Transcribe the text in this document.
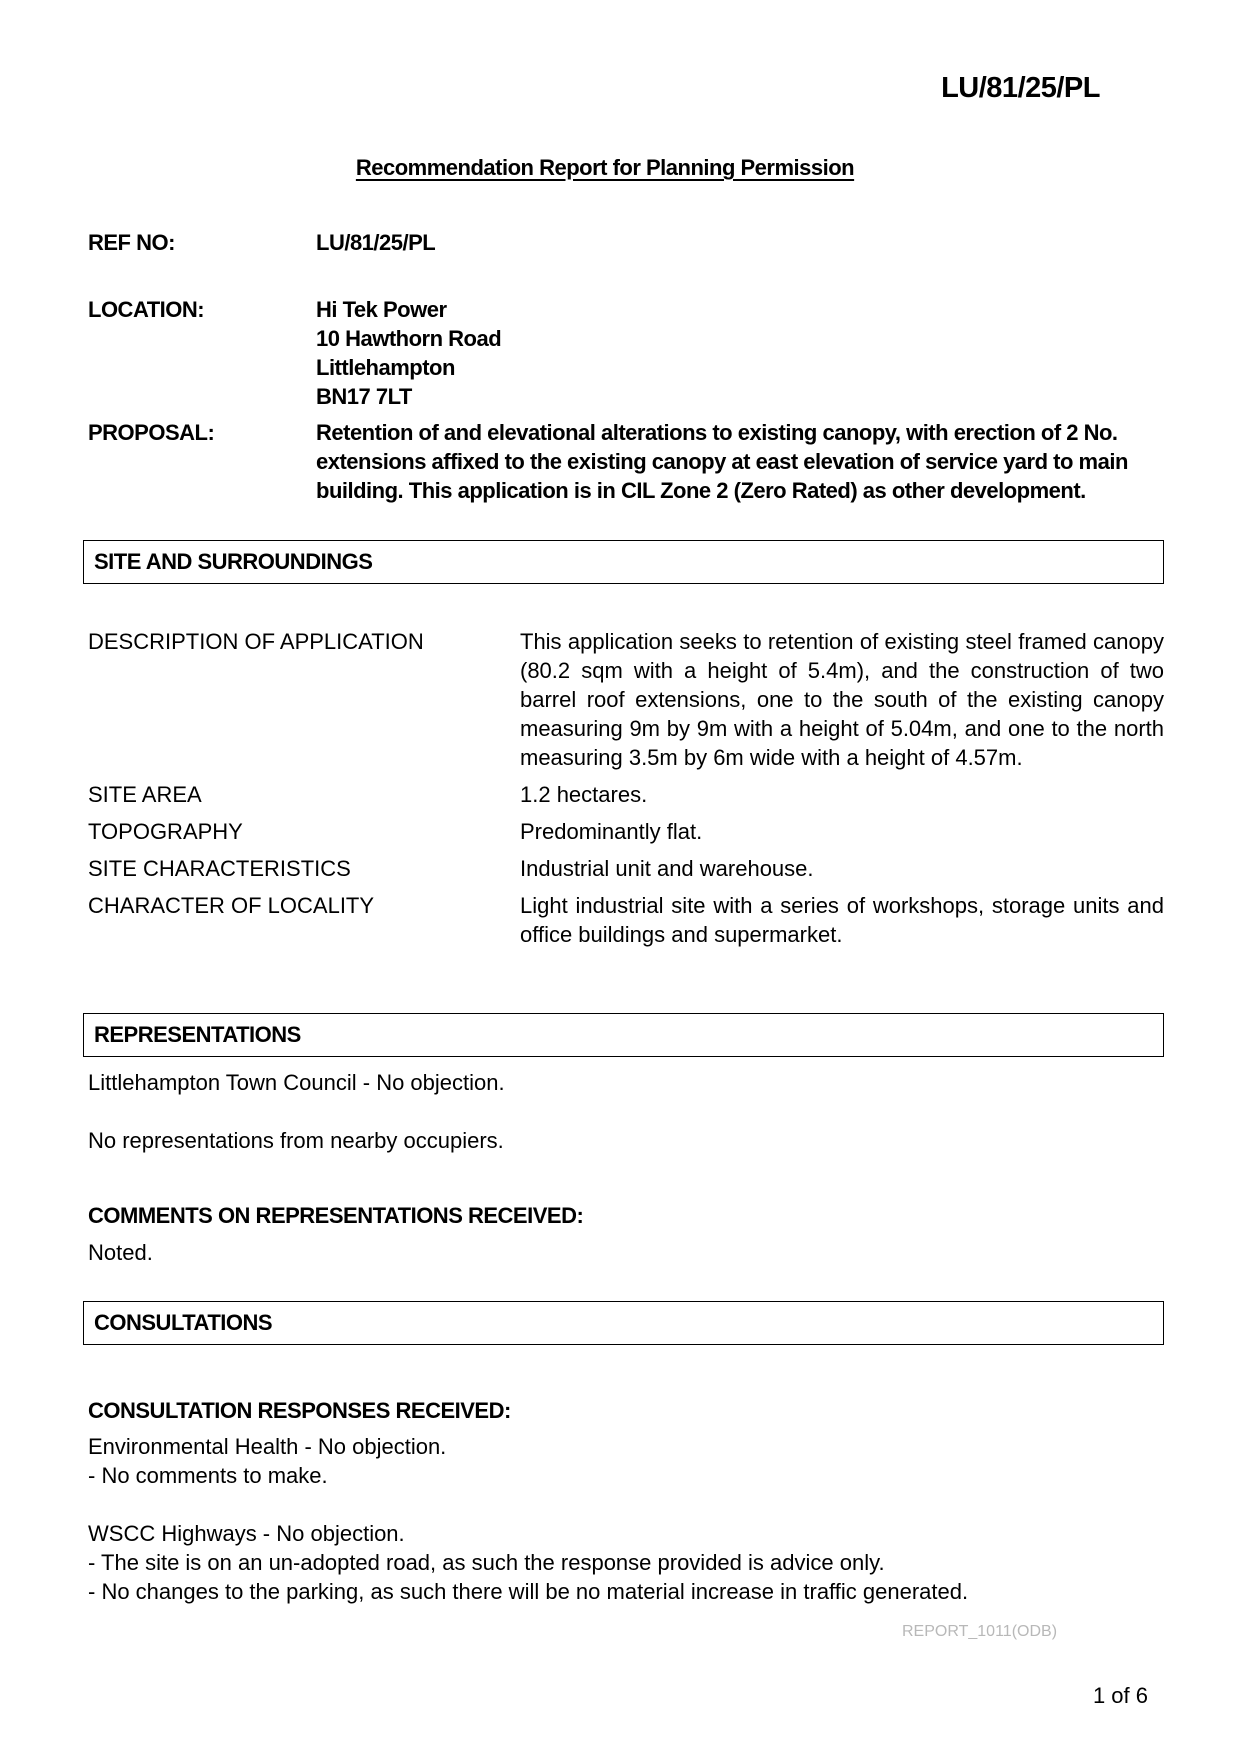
LU/81/25/PL
Recommendation Report for Planning Permission
REF NO:	LU/81/25/PL
LOCATION:	Hi Tek Power
10 Hawthorn Road
Littlehampton
BN17 7LT
PROPOSAL:	Retention of and elevational alterations to existing canopy, with erection of 2 No. extensions affixed to the existing canopy at east elevation of service yard to main building. This application is in CIL Zone 2 (Zero Rated) as other development.
SITE AND SURROUNDINGS
DESCRIPTION OF APPLICATION	This application seeks to retention of existing steel framed canopy (80.2 sqm with a height of 5.4m), and the construction of two barrel roof extensions, one to the south of the existing canopy measuring 9m by 9m with a height of 5.04m, and one to the north measuring 3.5m by 6m wide with a height of 4.57m.
SITE AREA	1.2 hectares.
TOPOGRAPHY	Predominantly flat.
SITE CHARACTERISTICS	Industrial unit and warehouse.
CHARACTER OF LOCALITY	Light industrial site with a series of workshops, storage units and office buildings and supermarket.
REPRESENTATIONS
Littlehampton Town Council - No objection.
No representations from nearby occupiers.
COMMENTS ON REPRESENTATIONS RECEIVED:
Noted.
CONSULTATIONS
CONSULTATION RESPONSES RECEIVED:
Environmental Health - No objection.
- No comments to make.
WSCC Highways - No objection.
- The site is on an un-adopted road, as such the response provided is advice only.
- No changes to the parking, as such there will be no material increase in traffic generated.
REPORT_1011(ODB)
1 of 6
